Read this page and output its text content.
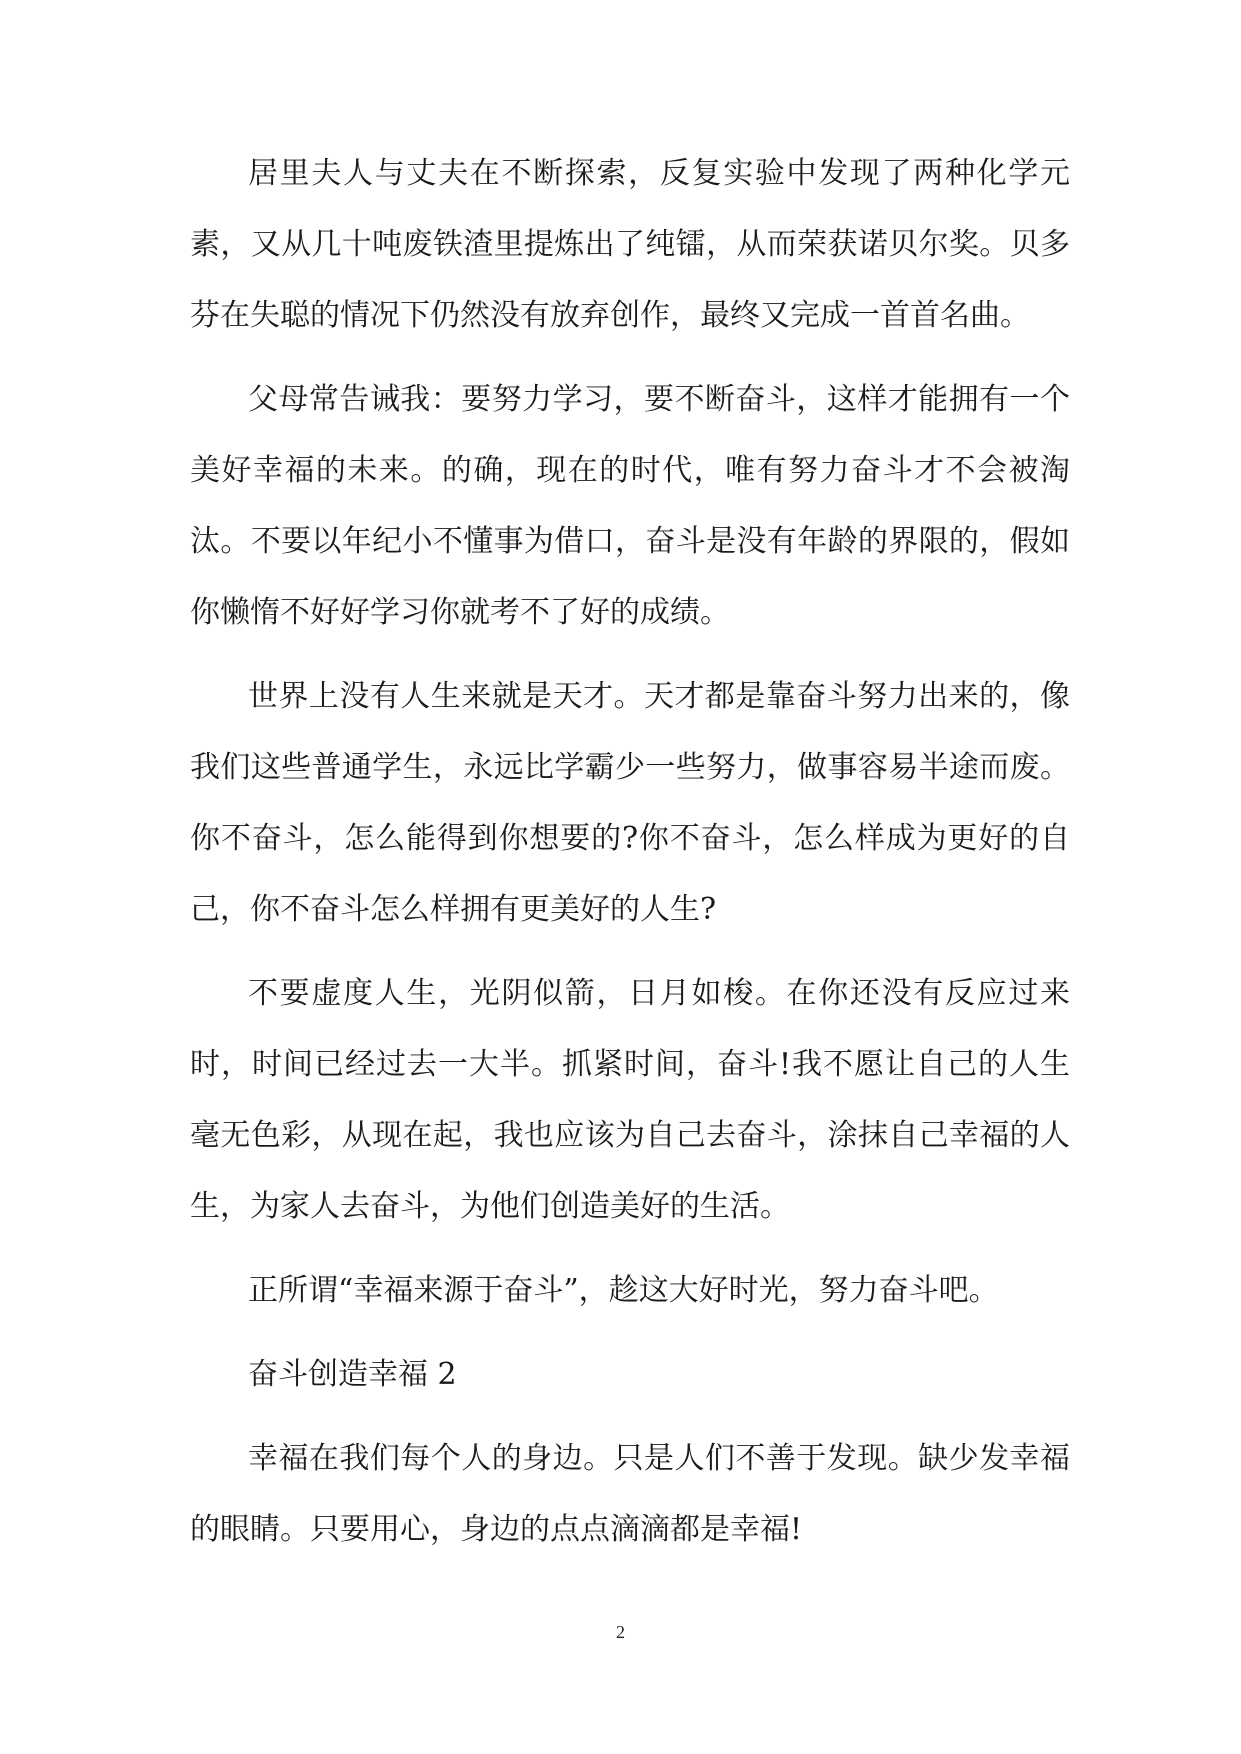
居里夫人与丈夫在不断探索，反复实验中发现了两种化学元素，又从几十吨废铁渣里提炼出了纯镭，从而荣获诺贝尔奖。贝多芬在失聪的情况下仍然没有放弃创作，最终又完成一首首名曲。

父母常告诫我：要努力学习，要不断奋斗，这样才能拥有一个美好幸福的未来。的确，现在的时代，唯有努力奋斗才不会被淘汰。不要以年纪小不懂事为借口，奋斗是没有年龄的界限的，假如你懒惰不好好学习你就考不了好的成绩。

世界上没有人生来就是天才。天才都是靠奋斗努力出来的，像我们这些普通学生，永远比学霸少一些努力，做事容易半途而废。你不奋斗，怎么能得到你想要的?你不奋斗，怎么样成为更好的自己，你不奋斗怎么样拥有更美好的人生?

不要虚度人生，光阴似箭，日月如梭。在你还没有反应过来时，时间已经过去一大半。抓紧时间，奋斗!我不愿让自己的人生毫无色彩，从现在起，我也应该为自己去奋斗，涂抹自己幸福的人生，为家人去奋斗，为他们创造美好的生活。

正所谓“幸福来源于奋斗”，趁这大好时光，努力奋斗吧。

奋斗创造幸福 2

幸福在我们每个人的身边。只是人们不善于发现。缺少发幸福的眼睛。只要用心，身边的点点滴滴都是幸福!

2
